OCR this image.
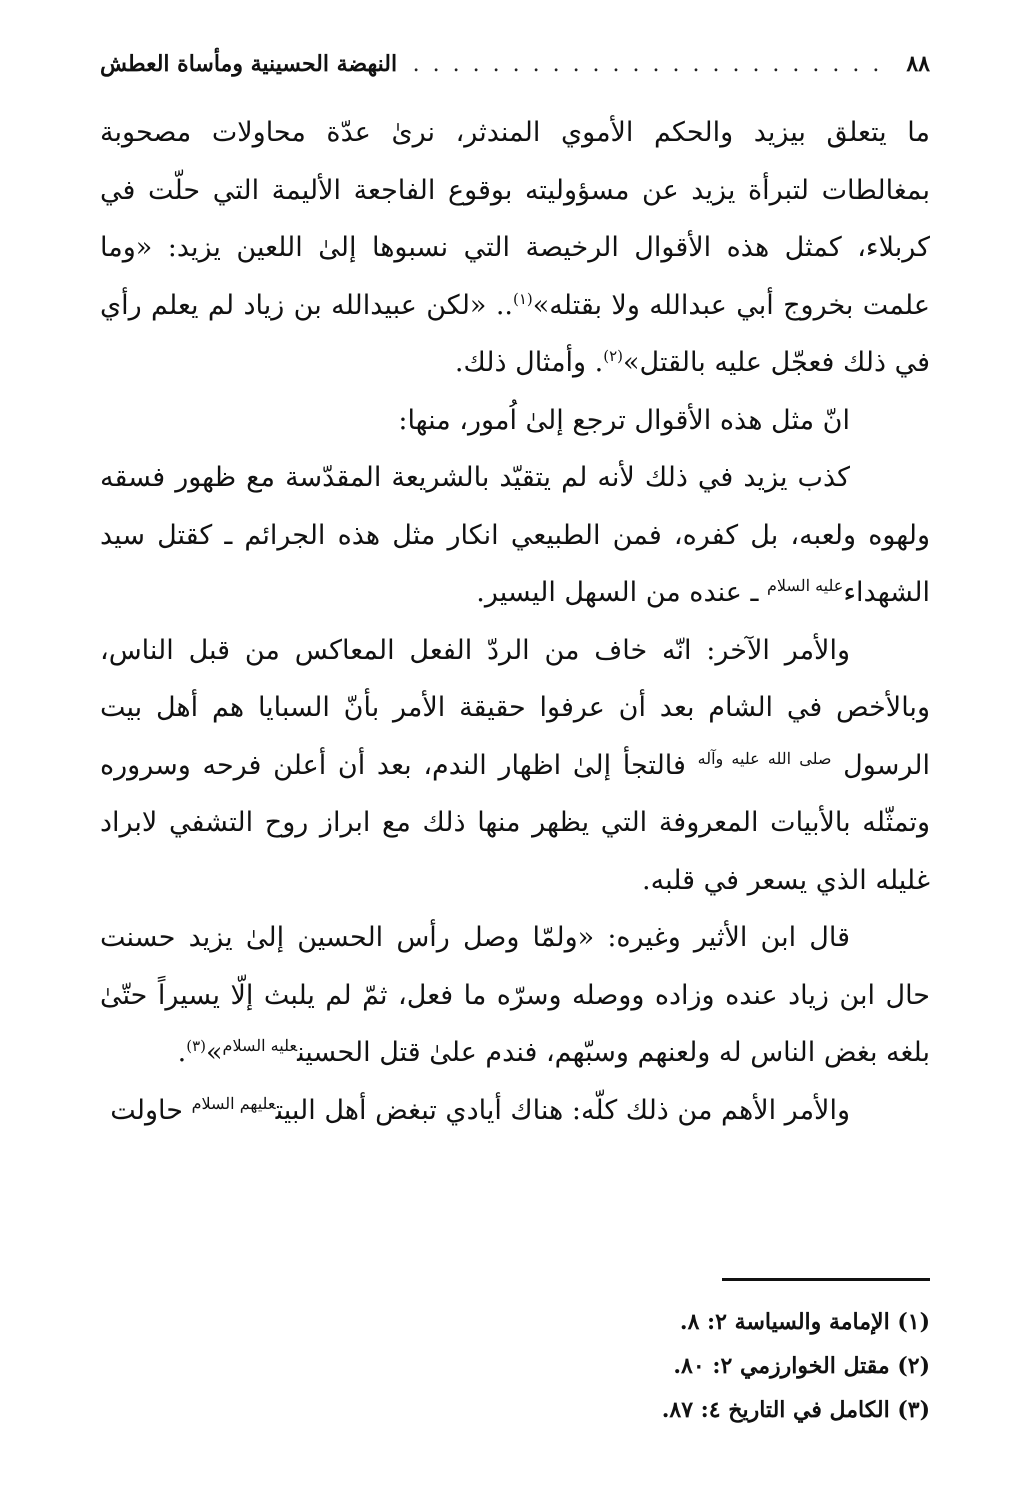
٨٨
. . .
النهضة الحسينية ومأساة العطش

ما يتعلق بيزيد والحكم الأموي المندثر، نرىٰ عدّة محاولات مصحوبة بمغالطات لتبرأة يزيد عن مسؤوليته بوقوع الفاجعة الأليمة التي حلّت في كربلاء، كمثل هذه الأقوال الرخيصة التي نسبوها إلىٰ اللعين يزيد: «وما علمت بخروج أبي عبدالله ولا بقتله»$^{(١)}$.. «لكن عبيدالله بن زياد لم يعلم رأي في ذلك فعجّل عليه بالقتل»$^{(٢)}$. وأمثال ذلك.

انّ مثل هذه الأقوال ترجع إلىٰ اُمور، منها:

كذب يزيد في ذلك لأنه لم يتقيّد بالشريعة المقدّسة مع ظهور فسقه ولهوه ولعبه، بل كفره، فمن الطبيعي انكار مثل هذه الجرائم ـ كقتل سيد الشهداء$^{عليه السلام}$ ـ عنده من السهل اليسير.

والأمر الآخر: انّه خاف من الردّ الفعل المعاكس من قبل الناس، وبالأخص في الشام بعد أن عرفوا حقيقة الأمر بأنّ السبايا هم أهل بيت الرسول $^{صلى الله عليه وآله}$ فالتجأ إلىٰ اظهار الندم، بعد أن أعلن فرحه وسروره وتمثّله بالأبيات المعروفة التي يظهر منها ذلك مع ابراز روح التشفي لابراد غليله الذي يسعر في قلبه.

قال ابن الأثير وغيره: «ولمّا وصل رأس الحسين إلىٰ يزيد حسنت حال ابن زياد عنده وزاده ووصله وسرّه ما فعل، ثمّ لم يلبث إلّا يسيراً حتّىٰ بلغه بغض الناس له ولعنهم وسبّهم، فندم علىٰ قتل الحسين$^{عليه السلام}$»$^{(٣)}$.

والأمر الأهم من ذلك كلّه: هناك أيادي تبغض أهل البيت$^{عليهم السلام}$ حاولت

(١) الإمامة والسياسة ٢: ٨.
(٢) مقتل الخوارزمي ٢: ٨٠.
(٣) الكامل في التاريخ ٤: ٨٧.
